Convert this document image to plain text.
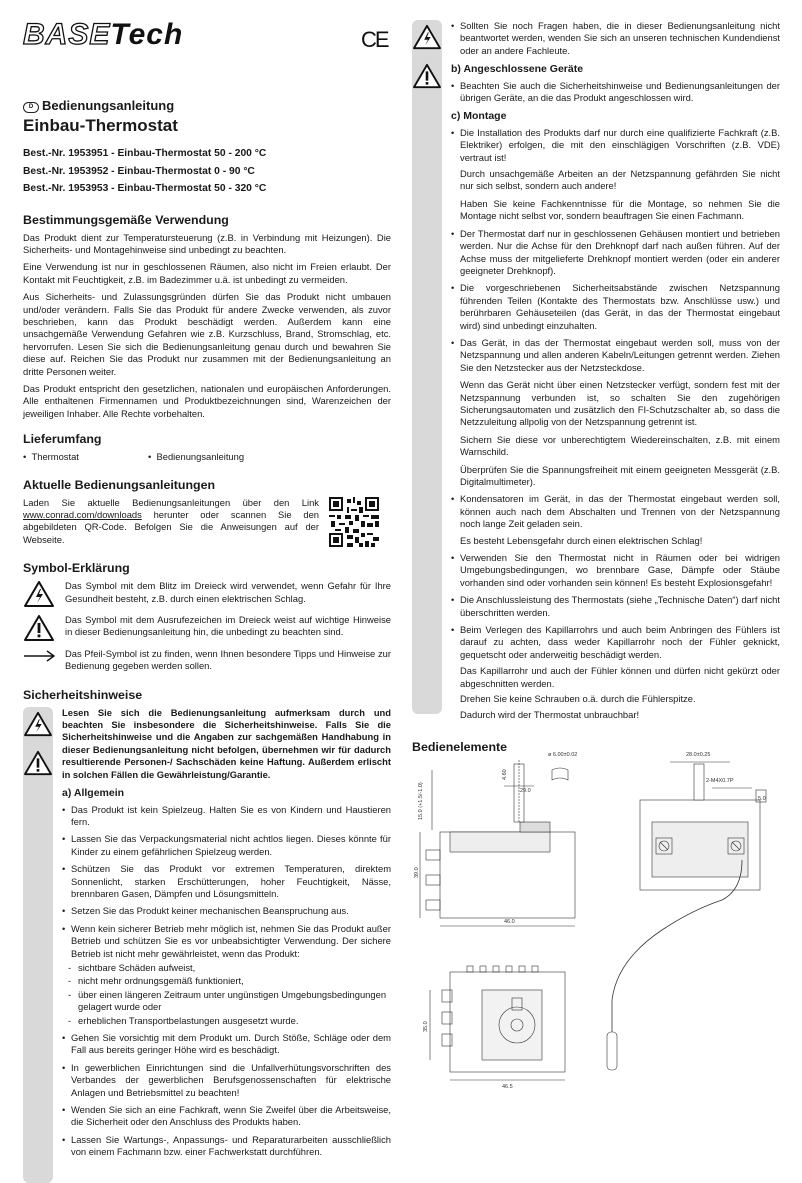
BASETech	CE
D Bedienungsanleitung
Einbau-Thermostat
Best.-Nr. 1953951 - Einbau-Thermostat 50 - 200 °C
Best.-Nr. 1953952 - Einbau-Thermostat 0 - 90 °C
Best.-Nr. 1953953 - Einbau-Thermostat 50 - 320 °C
Bestimmungsgemäße Verwendung

Das Produkt dient zur Temperatursteuerung (z.B. in Verbindung mit Heizungen). Die Sicherheits- und Montagehinweise sind unbedingt zu beachten.

Eine Verwendung ist nur in geschlossenen Räumen, also nicht im Freien erlaubt. Der Kontakt mit Feuchtigkeit, z.B. im Badezimmer u.ä. ist unbedingt zu vermeiden.

Aus Sicherheits- und Zulassungsgründen dürfen Sie das Produkt nicht umbauen und/oder verändern. Falls Sie das Produkt für andere Zwecke verwenden, als zuvor beschrieben, kann das Produkt beschädigt werden. Außerdem kann eine unsachgemäße Verwendung Gefahren wie z.B. Kurzschluss, Brand, Stromschlag, etc. hervorrufen. Lesen Sie sich die Bedienungsanleitung genau durch und bewahren Sie diese auf. Reichen Sie das Produkt nur zusammen mit der Bedienungsanleitung an dritte Personen weiter.

Das Produkt entspricht den gesetzlichen, nationalen und europäischen Anforderungen. Alle enthaltenen Firmennamen und Produktbezeichnungen sind, Warenzeichen der jeweiligen Inhaber. Alle Rechte vorbehalten.

Lieferumfang
•  Thermostat	•  Bedienungsanleitung
Aktuelle Bedienungsanleitungen

Laden Sie aktuelle Bedienungsanleitungen über den Link www.conrad.com/downloads herunter oder scannen Sie den abgebildeten QR-Code. Befolgen Sie die Anweisungen auf der Webseite.

Symbol-Erklärung

Das Symbol mit dem Blitz im Dreieck wird verwendet, wenn Gefahr für Ihre Gesundheit besteht, z.B. durch einen elektrischen Schlag.

Das Symbol mit dem Ausrufezeichen im Dreieck weist auf wichtige Hinweise in dieser Bedienungsanleitung hin, die unbedingt zu beachten sind.

Das Pfeil-Symbol ist zu finden, wenn Ihnen besondere Tipps und Hinweise zur Bedienung gegeben werden sollen.

Sicherheitshinweise

Lesen Sie sich die Bedienungsanleitung aufmerksam durch und beachten Sie insbesondere die Sicherheitshinweise. Falls Sie die Sicherheitshinweise und die Angaben zur sachgemäßen Handhabung in dieser Bedienungsanleitung nicht befolgen, übernehmen wir für dadurch resultierende Personen-/ Sachschäden keine Haftung. Außerdem erlischt in solchen Fällen die Gewährleistung/Garantie.

a) Allgemein
• Das Produkt ist kein Spielzeug. Halten Sie es von Kindern und Haustieren fern.
• Lassen Sie das Verpackungsmaterial nicht achtlos liegen. Dieses könnte für Kinder zu einem gefährlichen Spielzeug werden.
• Schützen Sie das Produkt vor extremen Temperaturen, direktem Sonnenlicht, starken Erschütterungen, hoher Feuchtigkeit, Nässe, brennbaren Gasen, Dämpfen und Lösungsmitteln.
• Setzen Sie das Produkt keiner mechanischen Beanspruchung aus.
• Wenn kein sicherer Betrieb mehr möglich ist, nehmen Sie das Produkt außer Betrieb und schützen Sie es vor unbeabsichtigter Verwendung. Der sichere Betrieb ist nicht mehr gewährleistet, wenn das Produkt:
- sichtbare Schäden aufweist,
- nicht mehr ordnungsgemäß funktioniert,
- über einen längeren Zeitraum unter ungünstigen Umgebungsbedingungen gelagert wurde oder
- erheblichen Transportbelastungen ausgesetzt wurde.
• Gehen Sie vorsichtig mit dem Produkt um. Durch Stöße, Schläge oder dem Fall aus bereits geringer Höhe wird es beschädigt.
• In gewerblichen Einrichtungen sind die Unfallverhütungsvorschriften des Verbandes der gewerblichen Berufsgenossenschaften für elektrische Anlagen und Betriebsmittel zu beachten!
• Wenden Sie sich an eine Fachkraft, wenn Sie Zweifel über die Arbeitsweise, die Sicherheit oder den Anschluss des Produkts haben.
• Lassen Sie Wartungs-, Anpassungs- und Reparaturarbeiten ausschließlich von einem Fachmann bzw. einer Fachwerkstatt durchführen.

• Sollten Sie noch Fragen haben, die in dieser Bedienungsanleitung nicht beantwortet werden, wenden Sie sich an unseren technischen Kundendienst oder an andere Fachleute.
b) Angeschlossene Geräte
• Beachten Sie auch die Sicherheitshinweise und Bedienungsanleitungen der übrigen Geräte, an die das Produkt angeschlossen wird.
c) Montage
• Die Installation des Produkts darf nur durch eine qualifizierte Fachkraft (z.B. Elektriker) erfolgen, die mit den einschlägigen Vorschriften (z.B. VDE) vertraut ist!

Durch unsachgemäße Arbeiten an der Netzspannung gefährden Sie nicht nur sich selbst, sondern auch andere!

Haben Sie keine Fachkenntnisse für die Montage, so nehmen Sie die Montage nicht selbst vor, sondern beauftragen Sie einen Fachmann.

• Der Thermostat darf nur in geschlossenen Gehäusen montiert und betrieben werden. Nur die Achse für den Drehknopf darf nach außen führen. Auf der Achse muss der mitgelieferte Drehknopf montiert werden (oder ein anderer geeigneter Drehknopf).
• Die vorgeschriebenen Sicherheitsabstände zwischen Netzspannung führenden Teilen (Kontakte des Thermostats bzw. Anschlüsse usw.) und berührbaren Gehäuseteilen (das Gerät, in das der Thermostat eingebaut wird) sind unbedingt einzuhalten.
• Das Gerät, in das der Thermostat eingebaut werden soll, muss von der Netzspannung und allen anderen Kabeln/Leitungen getrennt werden. Ziehen Sie den Netzstecker aus der Netzsteckdose.

Wenn das Gerät nicht über einen Netzstecker verfügt, sondern fest mit der Netzspannung verbunden ist, so schalten Sie den zugehörigen Sicherungsautomaten und zusätzlich den FI-Schutzschalter ab, so dass die Netzzuleitung allpolig von der Netzspannung getrennt ist.

Sichern Sie diese vor unberechtigtem Wiedereinschalten, z.B. mit einem Warnschild.

Überprüfen Sie die Spannungsfreiheit mit einem geeigneten Messgerät (z.B. Digitalmultimeter).

• Kondensatoren im Gerät, in das der Thermostat eingebaut werden soll, können auch nach dem Abschalten und Trennen von der Netzspannung noch lange Zeit geladen sein.

Es besteht Lebensgefahr durch einen elektrischen Schlag!

• Verwenden Sie den Thermostat nicht in Räumen oder bei widrigen Umgebungsbedingungen, wo brennbare Gase, Dämpfe oder Stäube vorhanden sind oder vorhanden sein können! Es besteht Explosionsgefahr!
• Die Anschlussleistung des Thermostats (siehe „Technische Daten“) darf nicht überschritten werden.
• Beim Verlegen des Kapillarrohrs und auch beim Anbringen des Fühlers ist darauf zu achten, dass weder Kapillarrohr noch der Fühler geknickt, gequetscht oder anderweitig beschädigt werden.

Das Kapillarrohr und auch der Fühler können und dürfen nicht gekürzt oder abgeschnitten werden.

Drehen Sie keine Schrauben o.ä. durch die Fühlerspitze.

Dadurch wird der Thermostat unbrauchbar!

Bedienelemente
ø 6.00±0.02
4.60
29.0
15.0 (+1.5/-1.0)
39.0
46.0
28.0±0.25
2-M4X0.7P
5.0
35.0
46.5
